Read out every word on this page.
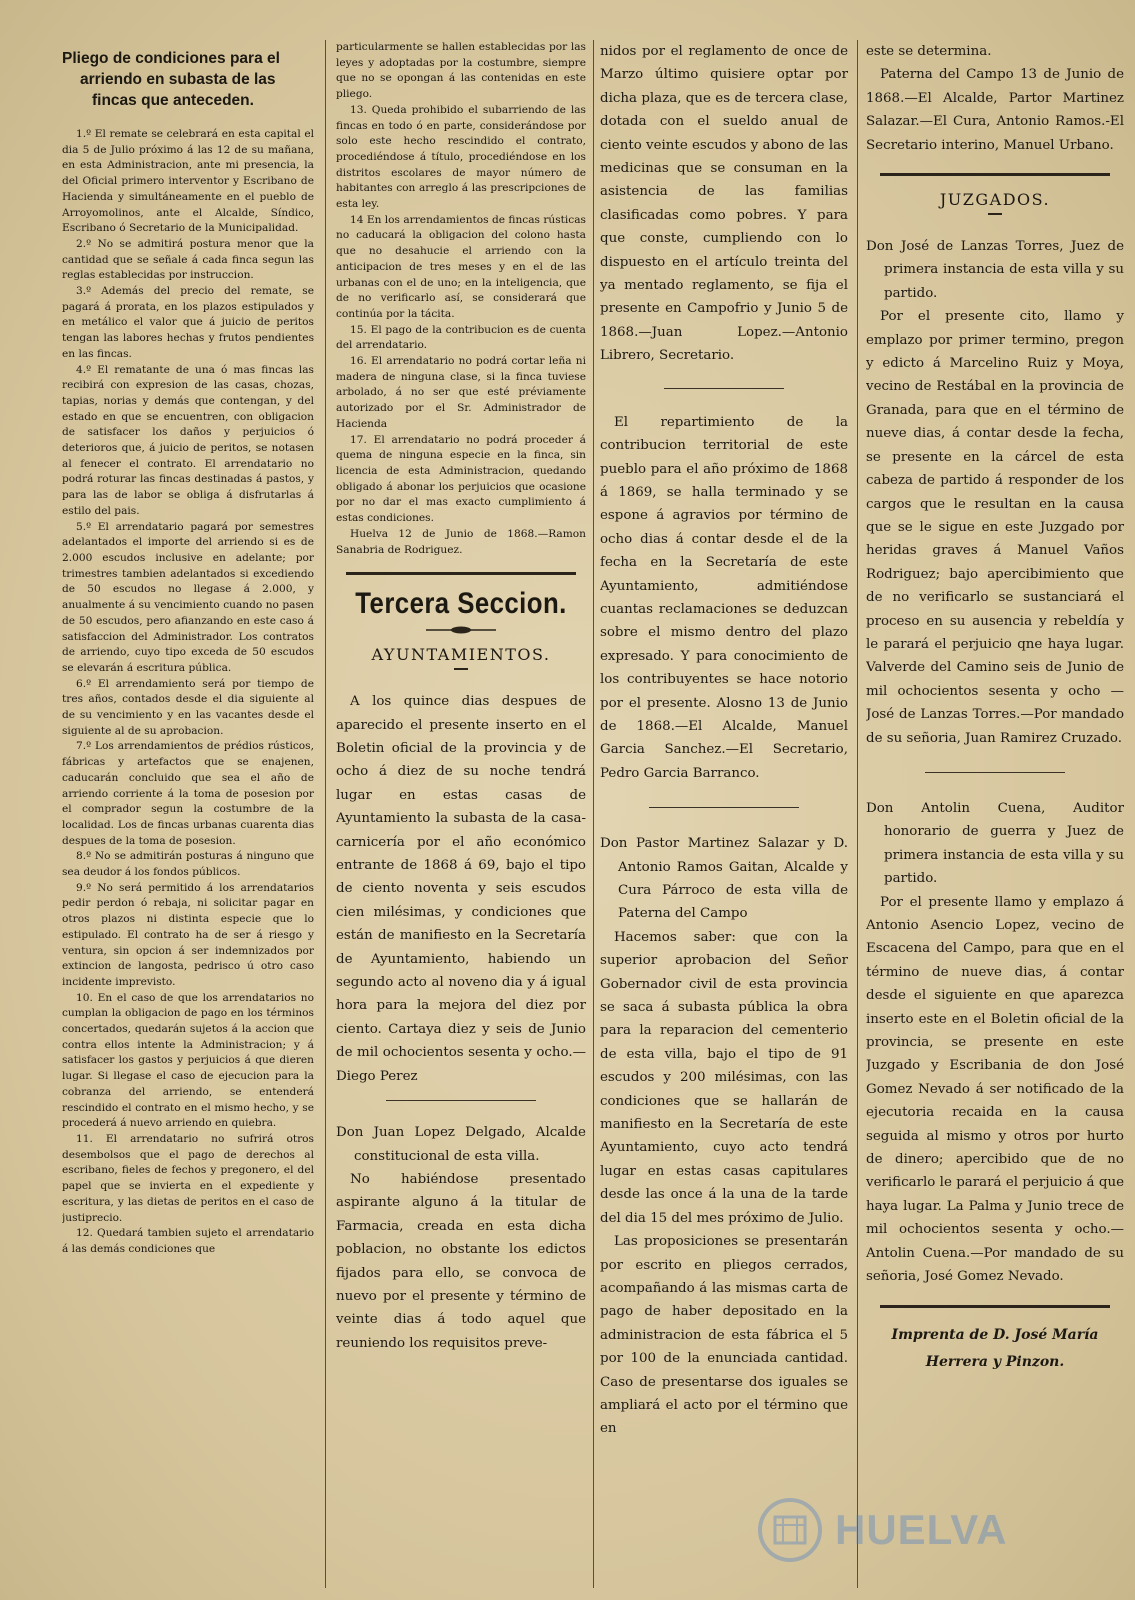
Pliego de condiciones para el
arriendo en subasta de las
fincas que anteceden.

1.º El remate se celebrará en esta capital el dia 5 de Julio próximo á las 12 de su mañana, en esta Administracion, ante mi presencia, la del Oficial primero interventor y Escribano de Hacienda y simultáneamente en el pueblo de Arroyomolinos, ante el Alcalde, Síndico, Escribano ó Secretario de la Municipalidad.

2.º No se admitirá postura menor que la cantidad que se señale á cada finca segun las reglas establecidas por instruccion.

3.º Además del precio del remate, se pagará á prorata, en los plazos estipulados y en metálico el valor que á juicio de peritos tengan las labores hechas y frutos pendientes en las fincas.

4.º El rematante de una ó mas fincas las recibirá con expresion de las casas, chozas, tapias, norias y demás que contengan, y del estado en que se encuentren, con obligacion de satisfacer los daños y perjuicios ó deterioros que, á juicio de peritos, se notasen al fenecer el contrato. El arrendatario no podrá roturar las fincas destinadas á pastos, y para las de labor se obliga á disfrutarlas á estilo del pais.

5.º El arrendatario pagará por semestres adelantados el importe del arriendo si es de 2.000 escudos inclusive en adelante; por trimestres tambien adelantados si excediendo de 50 escudos no llegase á 2.000, y anualmente á su vencimiento cuando no pasen de 50 escudos, pero afianzando en este caso á satisfaccion del Administrador. Los contratos de arriendo, cuyo tipo exceda de 50 escudos se elevarán á escritura pública.

6.º El arrendamiento será por tiempo de tres años, contados desde el dia siguiente al de su vencimiento y en las vacantes desde el siguiente al de su aprobacion.

7.º Los arrendamientos de prédios rústicos, fábricas y artefactos que se enajenen, caducarán concluido que sea el año de arriendo corriente á la toma de posesion por el comprador segun la costumbre de la localidad. Los de fincas urbanas cuarenta dias despues de la toma de posesion.

8.º No se admitirán posturas á ninguno que sea deudor á los fondos públicos.

9.º No será permitido á los arrendatarios pedir perdon ó rebaja, ni solicitar pagar en otros plazos ni distinta especie que lo estipulado. El contrato ha de ser á riesgo y ventura, sin opcion á ser indemnizados por extincion de langosta, pedrisco ú otro caso incidente imprevisto.

10. En el caso de que los arrendatarios no cumplan la obligacion de pago en los términos concertados, quedarán sujetos á la accion que contra ellos intente la Administracion; y á satisfacer los gastos y perjuicios á que dieren lugar. Si llegase el caso de ejecucion para la cobranza del arriendo, se entenderá rescindido el contrato en el mismo hecho, y se procederá á nuevo arriendo en quiebra.

11. El arrendatario no sufrirá otros desembolsos que el pago de derechos al escribano, fieles de fechos y pregonero, el del papel que se invierta en el expediente y escritura, y las dietas de peritos en el caso de justiprecio.

12. Quedará tambien sujeto el arrendatario á las demás condiciones que

particularmente se hallen establecidas por las leyes y adoptadas por la costumbre, siempre que no se opongan á las contenidas en este pliego.

13. Queda prohibido el subarriendo de las fincas en todo ó en parte, considerándose por solo este hecho rescindido el contrato, procediéndose á título, procediéndose en los distritos escolares de mayor número de habitantes con arreglo á las prescripciones de esta ley.

14 En los arrendamientos de fincas rústicas no caducará la obligacion del colono hasta que no desahucie el arriendo con la anticipacion de tres meses y en el de las urbanas con el de uno; en la inteligencia, que de no verificarlo así, se considerará que continúa por la tácita.

15. El pago de la contribucion es de cuenta del arrendatario.

16. El arrendatario no podrá cortar leña ni madera de ninguna clase, si la finca tuviese arbolado, á no ser que esté préviamente autorizado por el Sr. Administrador de Hacienda

17. El arrendatario no podrá proceder á quema de ninguna especie en la finca, sin licencia de esta Administracion, quedando obligado á abonar los perjuicios que ocasione por no dar el mas exacto cumplimiento á estas condiciones.

Huelva 12 de Junio de 1868.—Ramon Sanabria de Rodriguez.

Tercera Seccion.
AYUNTAMIENTOS.

A los quince dias despues de aparecido el presente inserto en el Boletin oficial de la provincia y de ocho á diez de su noche tendrá lugar en estas casas de Ayuntamiento la subasta de la casa-carnicería por el año económico entrante de 1868 á 69, bajo el tipo de ciento noventa y seis escudos cien milésimas, y condiciones que están de manifiesto en la Secretaría de Ayuntamiento, habiendo un segundo acto al noveno dia y á igual hora para la mejora del diez por ciento. Cartaya diez y seis de Junio de mil ochocientos sesenta y ocho.—Diego Perez

Don Juan Lopez Delgado, Alcalde constitucional de esta villa.

No habiéndose presentado aspirante alguno á la titular de Farmacia, creada en esta dicha poblacion, no obstante los edictos fijados para ello, se convoca de nuevo por el presente y término de veinte dias á todo aquel que reuniendo los requisitos preve-

nidos por el reglamento de once de Marzo último quisiere optar por dicha plaza, que es de tercera clase, dotada con el sueldo anual de ciento veinte escudos y abono de las medicinas que se consuman en la asistencia de las familias clasificadas como pobres. Y para que conste, cumpliendo con lo dispuesto en el artículo treinta del ya mentado reglamento, se fija el presente en Campofrio y Junio 5 de 1868.—Juan Lopez.—Antonio Librero, Secretario.

El repartimiento de la contribucion territorial de este pueblo para el año próximo de 1868 á 1869, se halla terminado y se espone á agravios por término de ocho dias á contar desde el de la fecha en la Secretaría de este Ayuntamiento, admitiéndose cuantas reclamaciones se deduzcan sobre el mismo dentro del plazo expresado. Y para conocimiento de los contribuyentes se hace notorio por el presente. Alosno 13 de Junio de 1868.—El Alcalde, Manuel Garcia Sanchez.—El Secretario, Pedro Garcia Barranco.

Don Pastor Martinez Salazar y D. Antonio Ramos Gaitan, Alcalde y Cura Párroco de esta villa de Paterna del Campo

Hacemos saber: que con la superior aprobacion del Señor Gobernador civil de esta provincia se saca á subasta pública la obra para la reparacion del cementerio de esta villa, bajo el tipo de 91 escudos y 200 milésimas, con las condiciones que se hallarán de manifiesto en la Secretaría de este Ayuntamiento, cuyo acto tendrá lugar en estas casas capitulares desde las once á la una de la tarde del dia 15 del mes próximo de Julio.

Las proposiciones se presentarán por escrito en pliegos cerrados, acompañando á las mismas carta de pago de haber depositado en la administracion de esta fábrica el 5 por 100 de la enunciada cantidad. Caso de presentarse dos iguales se ampliará el acto por el término que en

este se determina.

Paterna del Campo 13 de Junio de 1868.—El Alcalde, Partor Martinez Salazar.—El Cura, Antonio Ramos.-El Secretario interino, Manuel Urbano.

JUZGADOS.

Don José de Lanzas Torres, Juez de primera instancia de esta villa y su partido.

Por el presente cito, llamo y emplazo por primer termino, pregon y edicto á Marcelino Ruiz y Moya, vecino de Restábal en la provincia de Granada, para que en el término de nueve dias, á contar desde la fecha, se presente en la cárcel de esta cabeza de partido á responder de los cargos que le resultan en la causa que se le sigue en este Juzgado por heridas graves á Manuel Vaños Rodriguez; bajo apercibimiento que de no verificarlo se sustanciará el proceso en su ausencia y rebeldía y le parará el perjuicio qne haya lugar. Valverde del Camino seis de Junio de mil ochocientos sesenta y ocho — José de Lanzas Torres.—Por mandado de su señoria, Juan Ramirez Cruzado.

Don Antolin Cuena, Auditor honorario de guerra y Juez de primera instancia de esta villa y su partido.

Por el presente llamo y emplazo á Antonio Asencio Lopez, vecino de Escacena del Campo, para que en el término de nueve dias, á contar desde el siguiente en que aparezca inserto este en el Boletin oficial de la provincia, se presente en este Juzgado y Escribania de don José Gomez Nevado á ser notificado de la ejecutoria recaida en la causa seguida al mismo y otros por hurto de dinero; apercibido que de no verificarlo le parará el perjuicio á que haya lugar. La Palma y Junio trece de mil ochocientos sesenta y ocho.—Antolin Cuena.—Por mandado de su señoria, José Gomez Nevado.

Imprenta de D. José María
Herrera y Pinzon.
HUELVA
